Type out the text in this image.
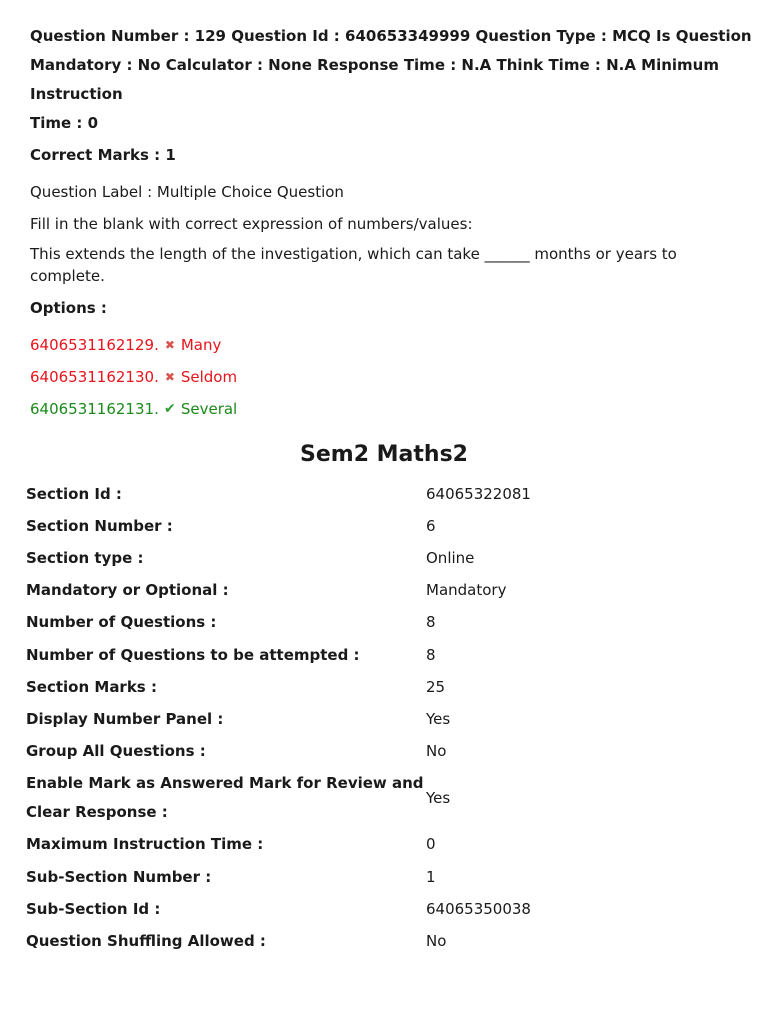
Question Number : 129 Question Id : 640653349999 Question Type : MCQ Is Question

Mandatory : No Calculator : None Response Time : N.A Think Time : N.A Minimum Instruction

Time : 0

Correct Marks : 1

Question Label : Multiple Choice Question

Fill in the blank with correct expression of numbers/values:

This extends the length of the investigation, which can take ______ months or years to complete.

Options :

6406531162129. ✖ Many
6406531162130. ✖ Seldom
6406531162131. ✔ Several
Sem2 Maths2
Section Id :	64065322081
Section Number :	6
Section type :	Online
Mandatory or Optional :	Mandatory
Number of Questions :	8
Number of Questions to be attempted :	8
Section Marks :	25
Display Number Panel :	Yes
Group All Questions :	No
Enable Mark as Answered Mark for Review and Clear Response :	Yes
Maximum Instruction Time :	0
Sub-Section Number :	1
Sub-Section Id :	64065350038
Question Shuffling Allowed :	No
